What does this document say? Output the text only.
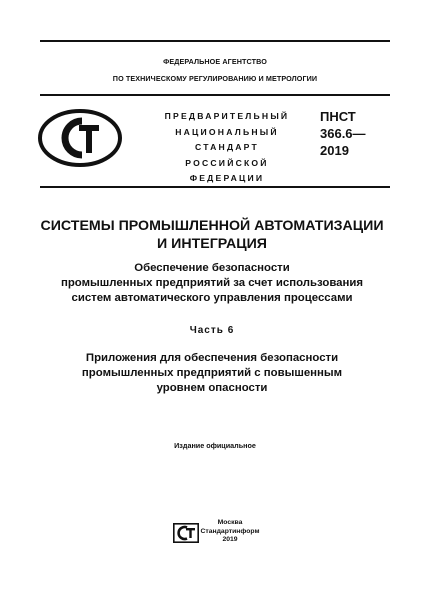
ФЕДЕРАЛЬНОЕ АГЕНТСТВО
ПО ТЕХНИЧЕСКОМУ РЕГУЛИРОВАНИЮ И МЕТРОЛОГИИ
ПРЕДВАРИТЕЛЬНЫЙ
НАЦИОНАЛЬНЫЙ
СТАНДАРТ
РОССИЙСКОЙ
ФЕДЕРАЦИИ
ПНСТ
366.6—
2019
СИСТЕМЫ ПРОМЫШЛЕННОЙ АВТОМАТИЗАЦИИ
И ИНТЕГРАЦИЯ
Обеспечение безопасности
промышленных предприятий за счет использования
систем автоматического управления процессами
Часть 6
Приложения для обеспечения безопасности
промышленных предприятий с повышенным
уровнем опасности
Издание официальное
Москва
Стандартинформ
2019
